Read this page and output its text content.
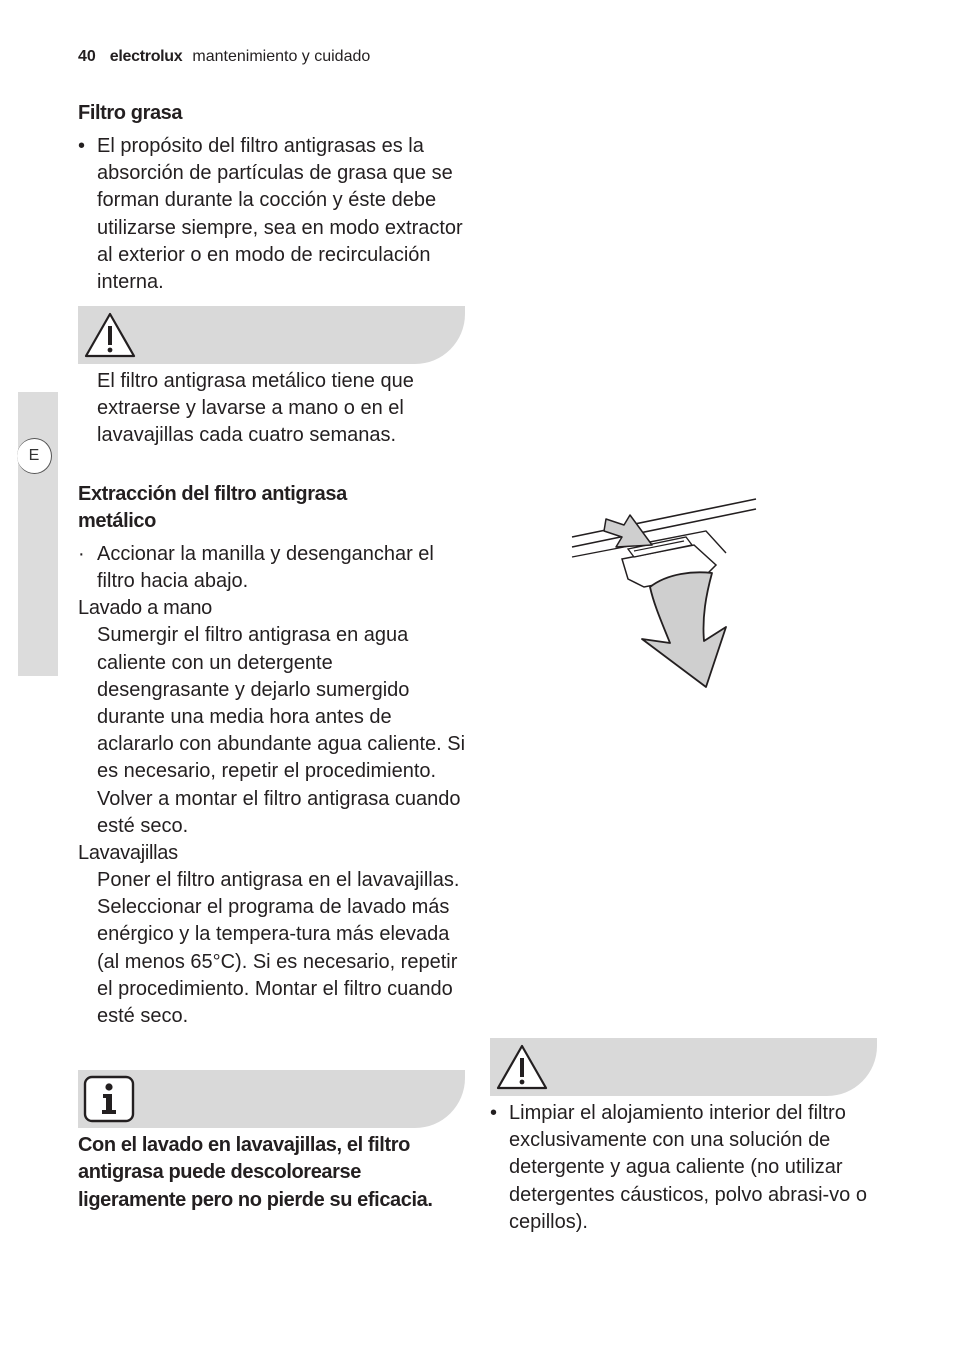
40 electrolux mantenimiento y cuidado
E
Filtro grasa
• El propósito del filtro antigrasas es la absorción de partículas de grasa que se forman durante la cocción y éste debe utilizarse siempre, sea en modo extractor al exterior o en modo de recirculación interna.
El filtro antigrasa metálico tiene que extraerse y lavarse a mano o en el lavavajillas cada cuatro semanas.
Extracción del filtro antigrasa
metálico
· Accionar la manilla y desenganchar el filtro hacia abajo.
Lavado a mano
Sumergir el filtro antigrasa en agua caliente con un detergente desengrasante y dejarlo sumergido durante una media hora antes de aclararlo con abundante agua caliente. Si es necesario, repetir el procedimiento. Volver a montar el filtro antigrasa cuando esté seco.
Lavavajillas
Poner el filtro antigrasa en el lavavajillas. Seleccionar el programa de lavado más enérgico y la tempera-tura más elevada (al menos 65°C). Si es necesario, repetir el procedimiento. Montar el filtro cuando esté seco.
Con el lavado en lavavajillas, el filtro antigrasa puede descolorearse ligeramente pero no pierde su eficacia.
• Limpiar el alojamiento interior del filtro exclusivamente con una solución de detergente y agua caliente (no utilizar detergentes cáusticos, polvo abrasi-vo o cepillos).
